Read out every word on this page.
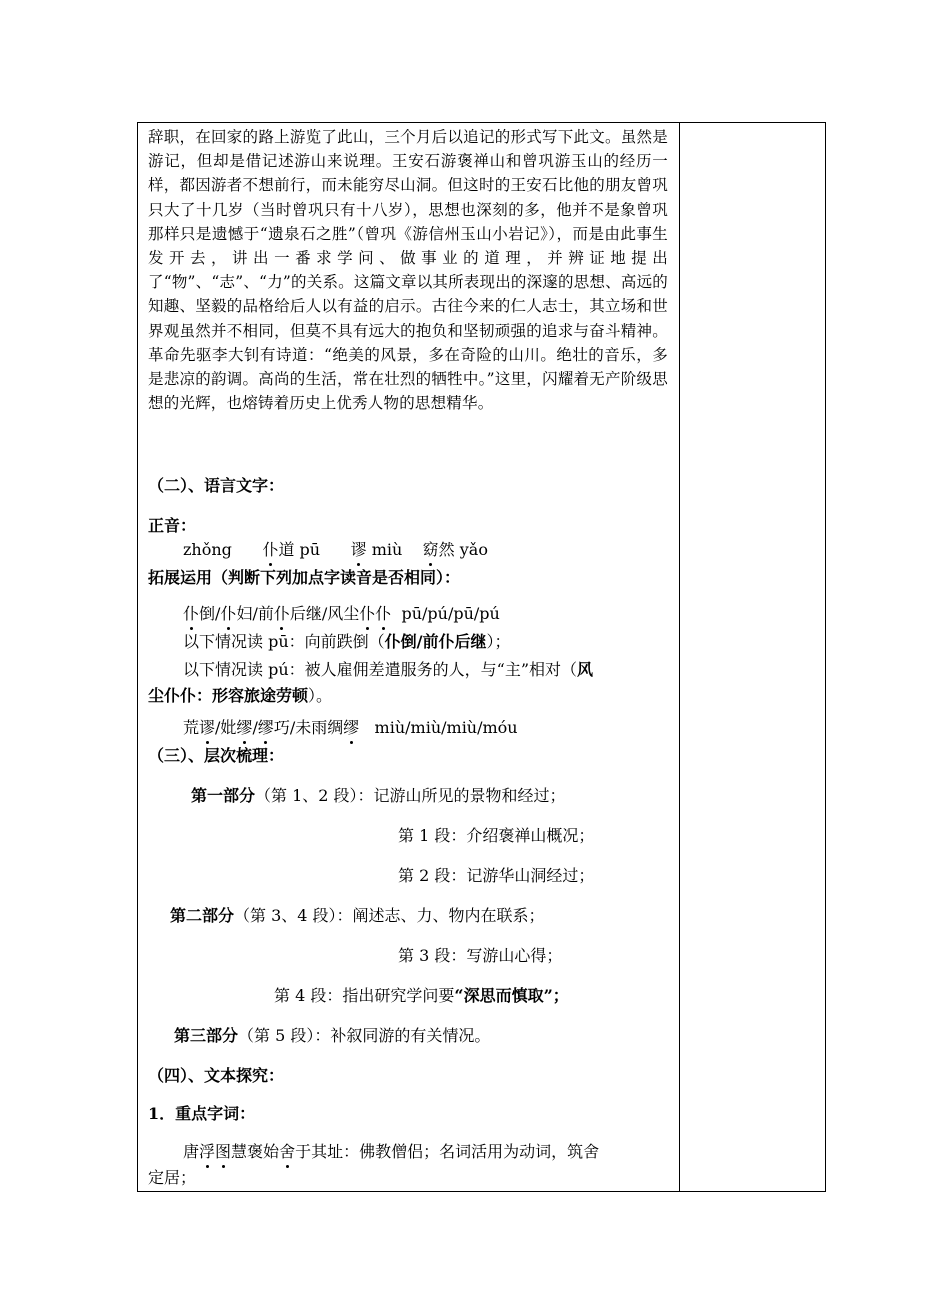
辞职，在回家的路上游览了此山，三个月后以追记的形式写下此文。虽然是游记，但却是借记述游山来说理。王安石游褒禅山和曾巩游玉山的经历一样，都因游者不想前行，而未能穷尽山洞。但这时的王安石比他的朋友曾巩只大了十几岁（当时曾巩只有十八岁），思想也深刻的多，他并不是象曾巩那样只是遗憾于“遗泉石之胜”（曾巩《游信州玉山小岩记》），而是由此事生发开去，讲出一番求学问、做事业的道理，并辨证地提出了“物”、“志”、“力”的关系。这篇文章以其所表现出的深邃的思想、高远的知趣、坚毅的品格给后人以有益的启示。古往今来的仁人志士，其立场和世界观虽然并不相同，但莫不具有远大的抱负和坚韧顽强的追求与奋斗精神。革命先驱李大钊有诗道：“绝美的风景，多在奇险的山川。绝壮的音乐，多是悲凉的韵调。高尚的生活，常在壮烈的牺牲中。”这里，闪耀着无产阶级思想的光辉，也熔铸着历史上优秀人物的思想精华。

（二）、语言文字：
正音：
zhǒng 仆道 pū 谬 miù 窈然 yǎo
拓展运用（判断下列加点字读音是否相同）：
仆倒/仆妇/前仆后继/风尘仆仆 pū/pú/pū/pú
以下情况读 pū：向前跌倒（仆倒/前仆后继）；
以下情况读 pú：被人雇佣差遣服务的人，与“主”相对（风
尘仆仆：形容旅途劳顿）。
荒谬/妣缪/缪巧/未雨绸缪 miù/miù/miù/móu
（三）、层次梳理：
第一部分（第 1、2 段）：记游山所见的景物和经过；
第 1 段：介绍褒禅山概况；
第 2 段：记游华山洞经过；
第二部分（第 3、4 段）：阐述志、力、物内在联系；
第 3 段：写游山心得；
第 4 段：指出研究学问要“深思而慎取”；
第三部分（第 5 段）：补叙同游的有关情况。
（四）、文本探究：
1．重点字词：
唐浮图慧褒始舍于其址：佛教僧侣；名词活用为动词，筑舍
定居；
